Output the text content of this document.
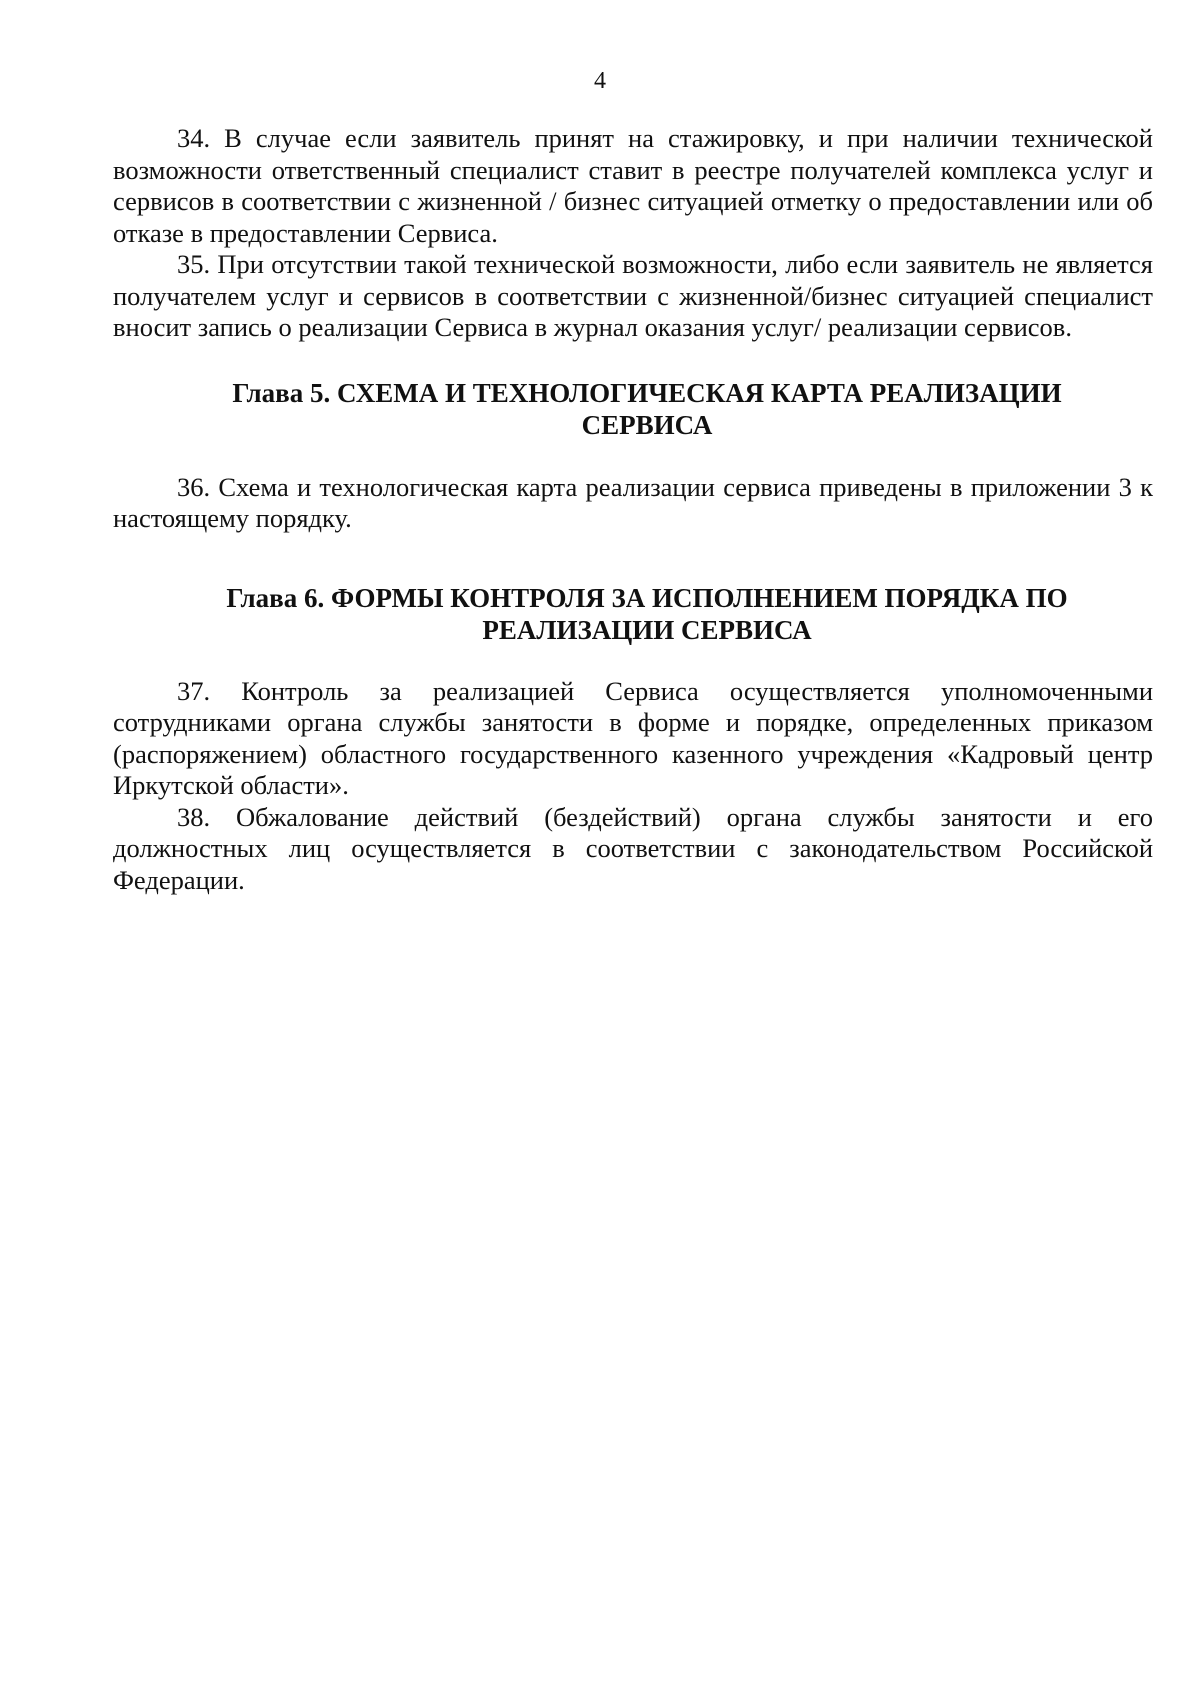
4

34. В случае если заявитель принят на стажировку, и при наличии технической возможности ответственный специалист ставит в реестре получателей комплекса услуг и сервисов в соответствии с жизненной / бизнес ситуацией отметку о предоставлении или об отказе в предоставлении Сервиса.

35. При отсутствии такой технической возможности, либо если заявитель не является получателем услуг и сервисов в соответствии с жизненной/бизнес ситуацией специалист вносит запись о реализации Сервиса в журнал оказания услуг/ реализации сервисов.

Глава 5. СХЕМА И ТЕХНОЛОГИЧЕСКАЯ КАРТА РЕАЛИЗАЦИИ
СЕРВИСА

36. Схема и технологическая карта реализации сервиса приведены в приложении 3 к настоящему порядку.

Глава 6. ФОРМЫ КОНТРОЛЯ ЗА ИСПОЛНЕНИЕМ ПОРЯДКА ПО
РЕАЛИЗАЦИИ СЕРВИСА

37. Контроль за реализацией Сервиса осуществляется уполномоченными сотрудниками органа службы занятости в форме и порядке, определенных приказом (распоряжением) областного государственного казенного учреждения «Кадровый центр Иркутской области».

38. Обжалование действий (бездействий) органа службы занятости и его должностных лиц осуществляется в соответствии с законодательством Российской Федерации.
